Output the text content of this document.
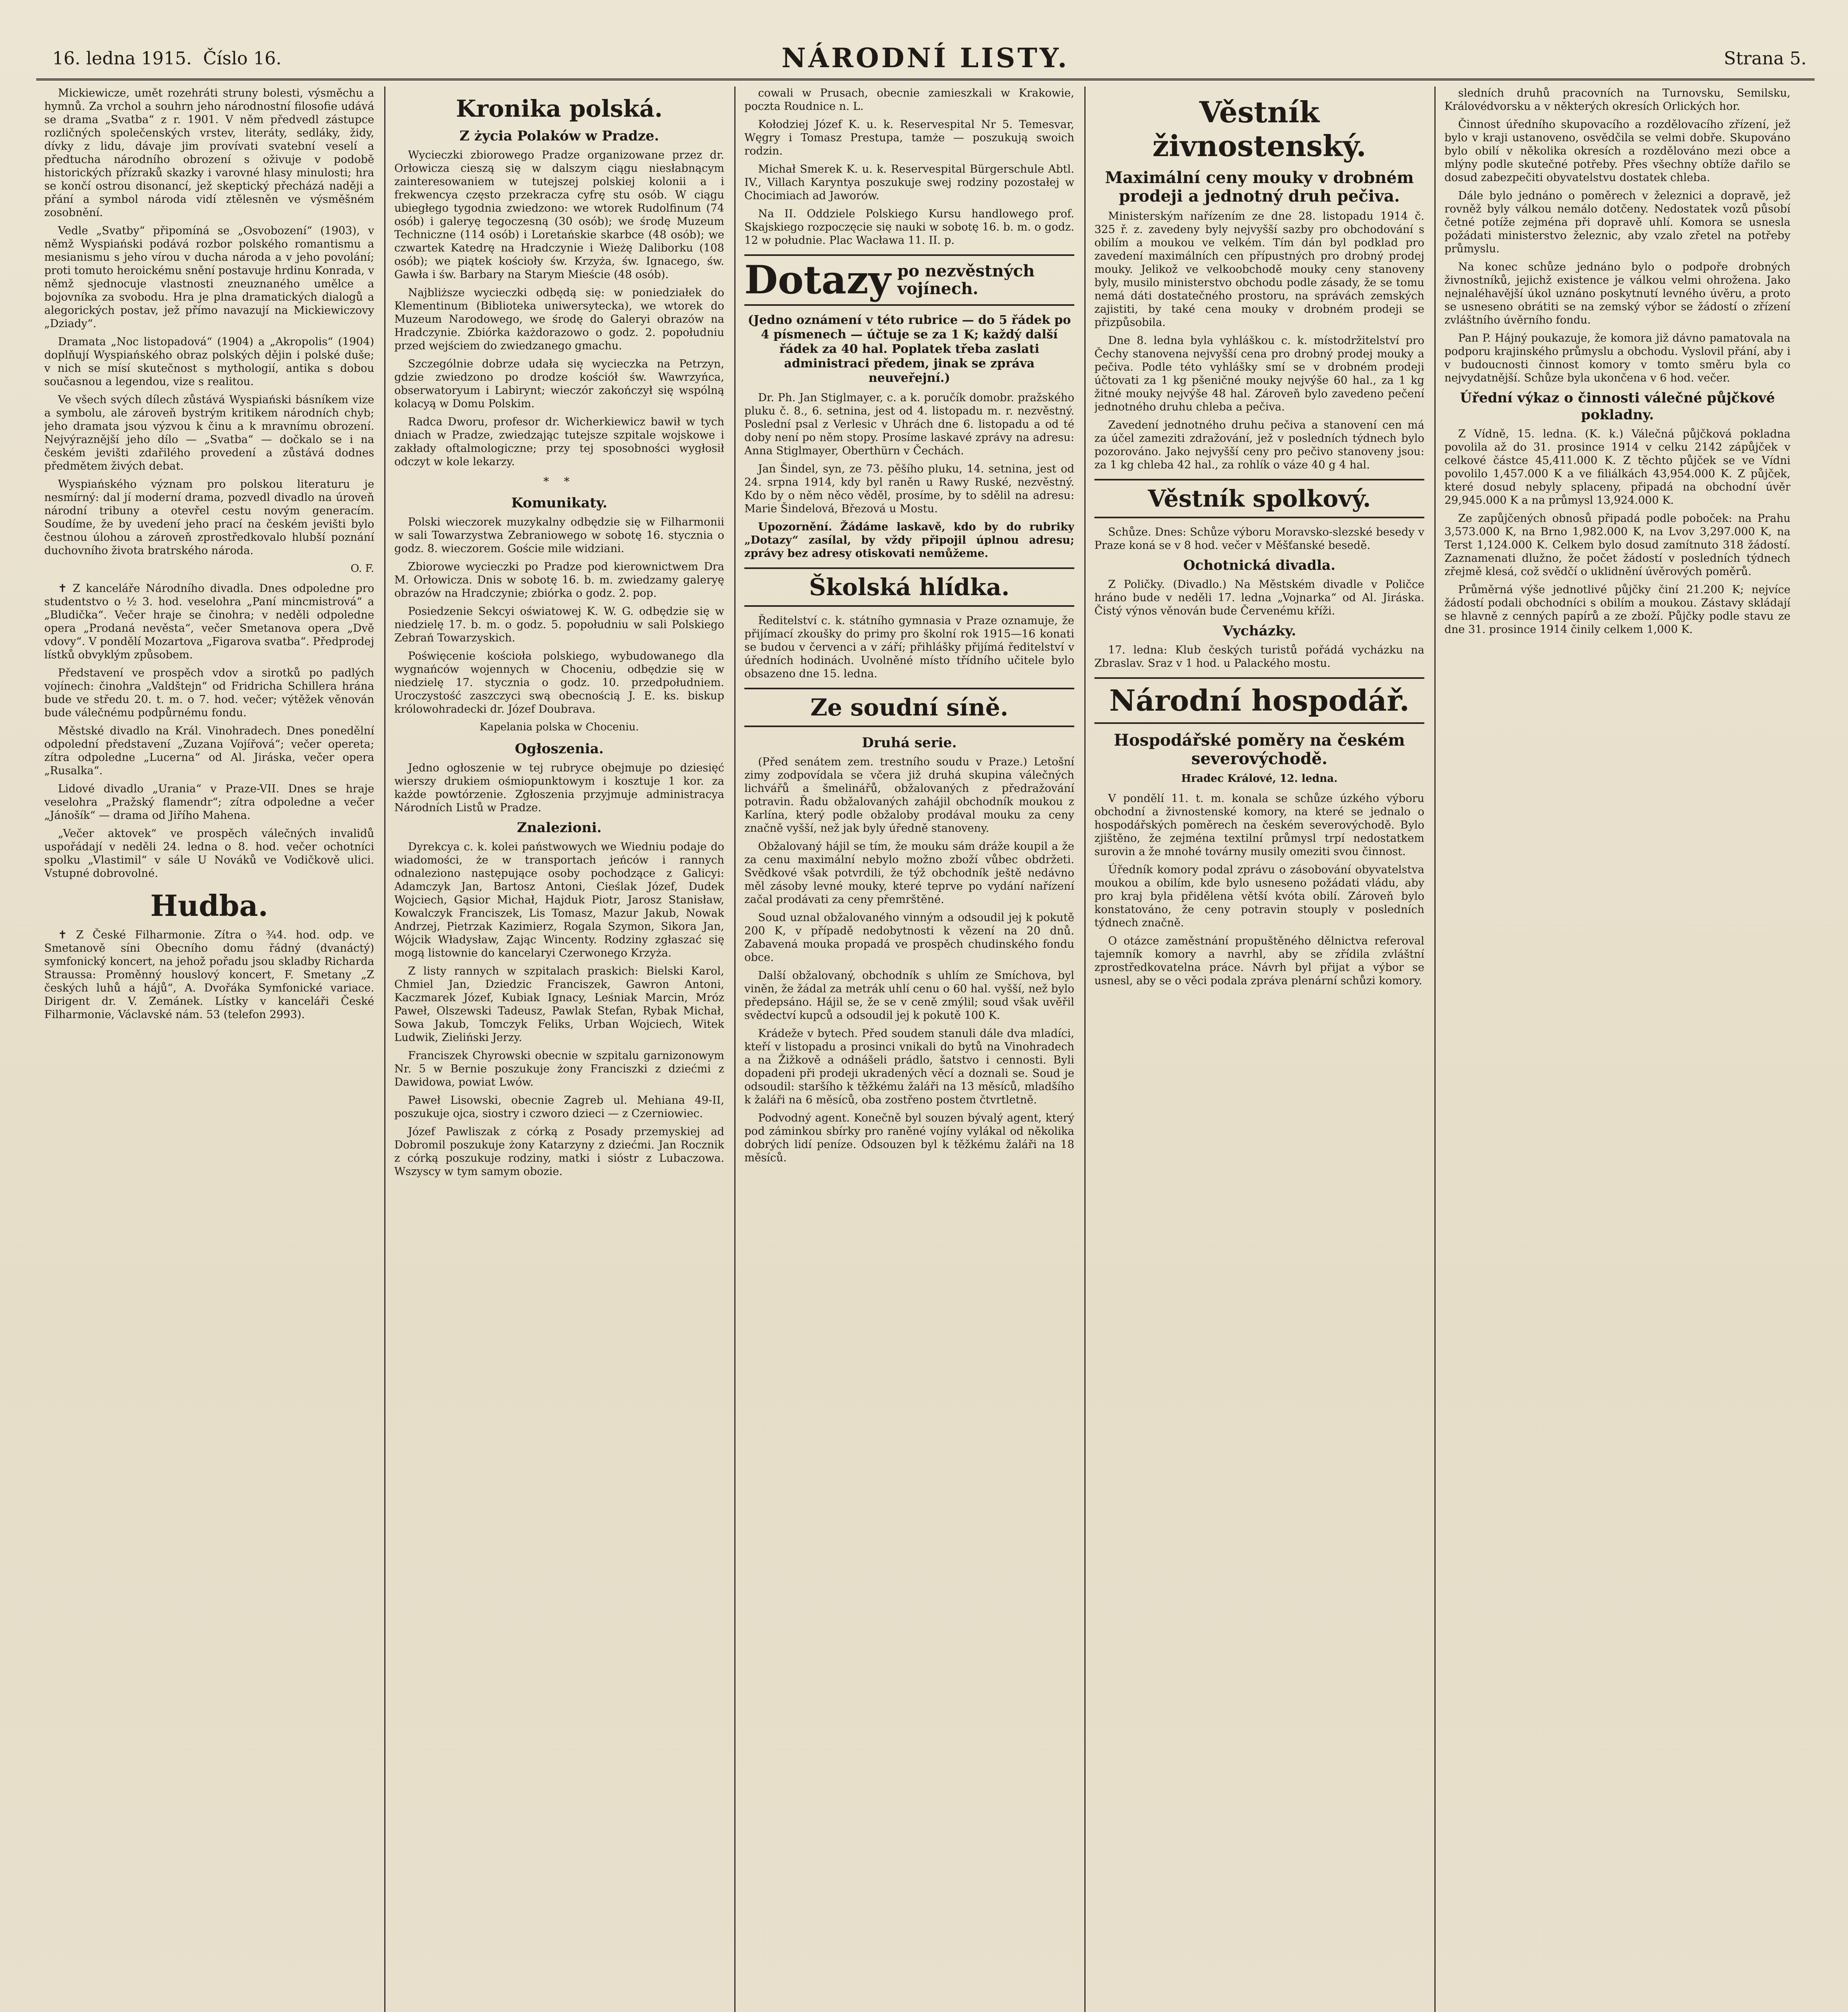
16. ledna 1915. Číslo 16.	NÁRODNÍ LISTY.	Strana 5.

Mickiewicze, umět rozehráti struny bolesti, výsměchu a hymnů. Za vrchol a souhrn jeho národnostní filosofie udává se drama „Svatba“ z r. 1901. V něm předvedl zástupce rozličných společenských vrstev, literáty, sedláky, židy, dívky z lidu, dávaje jim provívati svatební veselí a předtucha národního obrození s oživuje v podobě historických přízraků skazky i varovné hlasy minulosti; hra se končí ostrou disonancí, jež skeptický přecházá naději a přání a symbol národa vidí ztělesněn ve výsměšném zosobnění.

Vedle „Svatby“ připomíná se „Osvobození“ (1903), v němž Wyspiański podává rozbor polského romantismu a mesianismu s jeho vírou v ducha národa a v jeho povolání; proti tomuto heroickému snění postavuje hrdinu Konrada, v němž sjednocuje vlastnosti zneuznaného umělce a bojovníka za svobodu. Hra je plna dramatických dialogů a alegorických postav, jež přímo navazují na Mickiewiczovy „Dziady“.

Dramata „Noc listopadová“ (1904) a „Akropolis“ (1904) doplňují Wyspiańského obraz polských dějin i polské duše; v nich se mísí skutečnost s mythologií, antika s dobou současnou a legendou, vize s realitou.

Ve všech svých dílech zůstává Wyspiański básníkem vize a symbolu, ale zároveň bystrým kritikem národních chyb; jeho dramata jsou výzvou k činu a k mravnímu obrození. Nejvýraznější jeho dílo — „Svatba“ — dočkalo se i na českém jevišti zdařilého provedení a zůstává dodnes předmětem živých debat.

Wyspiańského význam pro polskou literaturu je nesmírný: dal jí moderní drama, pozvedl divadlo na úroveň národní tribuny a otevřel cestu novým generacím. Soudíme, že by uvedení jeho prací na českém jevišti bylo čestnou úlohou a zároveň zprostředkovalo hlubší poznání duchovního života bratrského národa.

O. F.

✝ Z kanceláře Národního divadla. Dnes odpoledne pro studentstvo o ½ 3. hod. veselohra „Paní mincmistrová“ a „Bludička“. Večer hraje se činohra; v neděli odpoledne opera „Prodaná nevěsta“, večer Smetanova opera „Dvě vdovy“. V pondělí Mozartova „Figarova svatba“. Předprodej lístků obvyklým způsobem.

Představení ve prospěch vdov a sirotků po padlých vojínech: činohra „Valdštejn“ od Fridricha Schillera hrána bude ve středu 20. t. m. o 7. hod. večer; výtěžek věnován bude válečnému podpůrnému fondu.

Městské divadlo na Král. Vinohradech. Dnes ponedělní odpolední představení „Zuzana Vojířová“; večer opereta; zítra odpoledne „Lucerna“ od Al. Jiráska, večer opera „Rusalka“.

Lidové divadlo „Urania“ v Praze-VII. Dnes se hraje veselohra „Pražský flamendr“; zítra odpoledne a večer „Jánošík“ — drama od Jiřího Mahena.

„Večer aktovek“ ve prospěch válečných invalidů uspořádají v neděli 24. ledna o 8. hod. večer ochotníci spolku „Vlastimil“ v sále U Nováků ve Vodičkově ulici. Vstupné dobrovolné.

Hudba.

✝ Z České Filharmonie. Zítra o ¾4. hod. odp. ve Smetanově síni Obecního domu řádný (dvanáctý) symfonický koncert, na jehož pořadu jsou skladby Richarda Straussa: Proměnný houslový koncert, F. Smetany „Z českých luhů a hájů“, A. Dvořáka Symfonické variace. Dirigent dr. V. Zemánek. Lístky v kanceláři České Filharmonie, Václavské nám. 53 (telefon 2993).

Kronika polská.
Z życia Polaków w Pradze.

Wycieczki zbiorowego Pradze organizowane przez dr. Orłowicza cieszą się w dalszym ciągu niesłabnącym zainteresowaniem w tutejszej polskiej kolonii a i frekwencya często przekracza cyfrę stu osób. W ciągu ubiegłego tygodnia zwiedzono: we wtorek Rudolfinum (74 osób) i galeryę tegoczesną (30 osób); we środę Muzeum Techniczne (114 osób) i Loretańskie skarbce (48 osób); we czwartek Katedrę na Hradczynie i Wieżę Daliborku (108 osób); we piątek kościoły św. Krzyża, św. Ignacego, św. Gawła i św. Barbary na Starym Mieście (48 osób).

Najbliższe wycieczki odbędą się: w poniedziałek do Klementinum (Biblioteka uniwersytecka), we wtorek do Muzeum Narodowego, we środę do Galeryi obrazów na Hradczynie. Zbiórka każdorazowo o godz. 2. popołudniu przed wejściem do zwiedzanego gmachu.

Szczególnie dobrze udała się wycieczka na Petrzyn, gdzie zwiedzono po drodze kościół św. Wawrzyńca, obserwatoryum i Labirynt; wieczór zakończył się wspólną kolacyą w Domu Polskim.

Radca Dworu, profesor dr. Wicherkiewicz bawił w tych dniach w Pradze, zwiedzając tutejsze szpitale wojskowe i zakłady oftalmologiczne; przy tej sposobności wygłosił odczyt w kole lekarzy.

* *
Komunikaty.

Polski wieczorek muzykalny odbędzie się w Filharmonii w sali Towarzystwa Zebraniowego w sobotę 16. stycznia o godz. 8. wieczorem. Goście mile widziani.

Zbiorowe wycieczki po Pradze pod kierownictwem Dra M. Orłowicza. Dnis w sobotę 16. b. m. zwiedzamy galeryę obrazów na Hradczynie; zbiórka o godz. 2. pop.

Posiedzenie Sekcyi oświatowej K. W. G. odbędzie się w niedzielę 17. b. m. o godz. 5. popołudniu w sali Polskiego Zebrań Towarzyskich.

Poświęcenie kościoła polskiego, wybudowanego dla wygnańców wojennych w Choceniu, odbędzie się w niedzielę 17. stycznia o godz. 10. przedpołudniem. Uroczystość zaszczyci swą obecnością J. E. ks. biskup królowohradecki dr. Józef Doubrava.

Kapelania polska w Choceniu.
Ogłoszenia.

Jedno ogłoszenie w tej rubryce obejmuje po dziesięć wierszy drukiem ośmiopunktowym i kosztuje 1 kor. za każde powtórzenie. Zgłoszenia przyjmuje administracya Národních Listů w Pradze.

Znalezioni.

Dyrekcya c. k. kolei państwowych we Wiedniu podaje do wiadomości, że w transportach jeńców i rannych odnaleziono następujące osoby pochodzące z Galicyi: Adamczyk Jan, Bartosz Antoni, Cieślak Józef, Dudek Wojciech, Gąsior Michał, Hajduk Piotr, Jarosz Stanisław, Kowalczyk Franciszek, Lis Tomasz, Mazur Jakub, Nowak Andrzej, Pietrzak Kazimierz, Rogala Szymon, Sikora Jan, Wójcik Władysław, Zając Wincenty. Rodziny zgłaszać się mogą listownie do kancelaryi Czerwonego Krzyża.

Z listy rannych w szpitalach praskich: Bielski Karol, Chmiel Jan, Dziedzic Franciszek, Gawron Antoni, Kaczmarek Józef, Kubiak Ignacy, Leśniak Marcin, Mróz Paweł, Olszewski Tadeusz, Pawlak Stefan, Rybak Michał, Sowa Jakub, Tomczyk Feliks, Urban Wojciech, Witek Ludwik, Zieliński Jerzy.

Franciszek Chyrowski obecnie w szpitalu garnizonowym Nr. 5 w Bernie poszukuje żony Franciszki z dziećmi z Dawidowa, powiat Lwów.

Paweł Lisowski, obecnie Zagreb ul. Mehiana 49-II, poszukuje ojca, siostry i czworo dzieci — z Czerniowiec.

Józef Pawliszak z córką z Posady przemyskiej ad Dobromil poszukuje żony Katarzyny z dziećmi. Jan Rocznik z córką poszukuje rodziny, matki i sióstr z Lubaczowa. Wszyscy w tym samym obozie.

cowali w Prusach, obecnie zamieszkali w Krakowie, poczta Roudnice n. L.

Kołodziej Józef K. u. k. Reservespital Nr 5. Temesvar, Węgry i Tomasz Prestupa, tamże — poszukują swoich rodzin.

Michał Smerek K. u. k. Reservespital Bürgerschule Abtl. IV., Villach Karyntya poszukuje swej rodziny pozostałej w Chocimiach ad Jaworów.

Na II. Oddziele Polskiego Kursu handlowego prof. Skajskiego rozpoczęcie się nauki w sobotę 16. b. m. o godz. 12 w południe. Plac Wacława 11. II. p.

Dotazy po nezvěstných vojínech.
(Jedno oznámení v této rubrice — do 5 řádek po 4 písmenech — účtuje se za 1 K; každý další řádek za 40 hal. Poplatek třeba zaslati administraci předem, jinak se zpráva neuveřejní.)

Dr. Ph. Jan Stiglmayer, c. a k. poručík domobr. pražského pluku č. 8., 6. setnina, jest od 4. listopadu m. r. nezvěstný. Poslední psal z Verlesic v Uhrách dne 6. listopadu a od té doby není po něm stopy. Prosíme laskavé zprávy na adresu: Anna Stiglmayer, Oberthürn v Čechách.

Jan Šindel, syn, ze 73. pěšího pluku, 14. setnina, jest od 24. srpna 1914, kdy byl raněn u Rawy Ruské, nezvěstný. Kdo by o něm něco věděl, prosíme, by to sdělil na adresu: Marie Šindelová, Březová u Mostu.

Upozornění. Žádáme laskavě, kdo by do rubriky „Dotazy“ zasílal, by vždy připojil úplnou adresu; zprávy bez adresy otiskovati nemůžeme.

Školská hlídka.

Ředitelství c. k. státního gymnasia v Praze oznamuje, že přijímací zkoušky do primy pro školní rok 1915—16 konati se budou v červenci a v září; přihlášky přijímá ředitelství v úředních hodinách. Uvolněné místo třídního učitele bylo obsazeno dne 15. ledna.

Ze soudní síně.
Druhá serie.

(Před senátem zem. trestního soudu v Praze.) Letošní zimy zodpovídala se včera již druhá skupina válečných lichvářů a šmelinářů, obžalovaných z předražování potravin. Řadu obžalovaných zahájil obchodník moukou z Karlína, který podle obžaloby prodával mouku za ceny značně vyšší, než jak byly úředně stanoveny.

Obžalovaný hájil se tím, že mouku sám dráže koupil a že za cenu maximální nebylo možno zboží vůbec obdržeti. Svědkové však potvrdili, že týž obchodník ještě nedávno měl zásoby levné mouky, které teprve po vydání nařízení začal prodávati za ceny přemrštěné.

Soud uznal obžalovaného vinným a odsoudil jej k pokutě 200 K, v případě nedobytnosti k vězení na 20 dnů. Zabavená mouka propadá ve prospěch chudinského fondu obce.

Další obžalovaný, obchodník s uhlím ze Smíchova, byl viněn, že žádal za metrák uhlí cenu o 60 hal. vyšší, než bylo předepsáno. Hájil se, že se v ceně zmýlil; soud však uvěřil svědectví kupců a odsoudil jej k pokutě 100 K.

Krádeže v bytech. Před soudem stanuli dále dva mladíci, kteří v listopadu a prosinci vnikali do bytů na Vinohradech a na Žižkově a odnášeli prádlo, šatstvo i cennosti. Byli dopadeni při prodeji ukradených věcí a doznali se. Soud je odsoudil: staršího k těžkému žaláři na 13 měsíců, mladšího k žaláři na 6 měsíců, oba zostřeno postem čtvrtletně.

Podvodný agent. Konečně byl souzen bývalý agent, který pod záminkou sbírky pro raněné vojíny vylákal od několika dobrých lidí peníze. Odsouzen byl k těžkému žaláři na 18 měsíců.

Věstník živnostenský.
Maximální ceny mouky v drobném prodeji a jednotný druh pečiva.

Ministerským nařízením ze dne 28. listopadu 1914 č. 325 ř. z. zavedeny byly nejvyšší sazby pro obchodování s obilím a moukou ve velkém. Tím dán byl podklad pro zavedení maximálních cen přípustných pro drobný prodej mouky. Jelikož ve velkoobchodě mouky ceny stanoveny byly, musilo ministerstvo obchodu podle zásady, že se tomu nemá dáti dostatečného prostoru, na správách zemských zajistiti, by také cena mouky v drobném prodeji se přizpůsobila.

Dne 8. ledna byla vyhláškou c. k. místodržitelství pro Čechy stanovena nejvyšší cena pro drobný prodej mouky a pečiva. Podle této vyhlášky smí se v drobném prodeji účtovati za 1 kg pšeničné mouky nejvýše 60 hal., za 1 kg žitné mouky nejvýše 48 hal. Zároveň bylo zavedeno pečení jednotného druhu chleba a pečiva.

Zavedení jednotného druhu pečiva a stanovení cen má za účel zameziti zdražování, jež v posledních týdnech bylo pozorováno. Jako nejvyšší ceny pro pečivo stanoveny jsou: za 1 kg chleba 42 hal., za rohlík o váze 40 g 4 hal.

Věstník spolkový.

Schůze. Dnes: Schůze výboru Moravsko-slezské besedy v Praze koná se v 8 hod. večer v Měšťanské besedě.

Ochotnická divadla.

Z Poličky. (Divadlo.) Na Městském divadle v Poličce hráno bude v neděli 17. ledna „Vojnarka“ od Al. Jiráska. Čistý výnos věnován bude Červenému kříži.

Vycházky.

17. ledna: Klub českých turistů pořádá vycházku na Zbraslav. Sraz v 1 hod. u Palackého mostu.

Národní hospodář.
Hospodářské poměry na českém severovýchodě.
Hradec Králové, 12. ledna.

V pondělí 11. t. m. konala se schůze úzkého výboru obchodní a živnostenské komory, na které se jednalo o hospodářských poměrech na českém severovýchodě. Bylo zjištěno, že zejména textilní průmysl trpí nedostatkem surovin a že mnohé továrny musily omeziti svou činnost.

Úředník komory podal zprávu o zásobování obyvatelstva moukou a obilím, kde bylo usneseno požádati vládu, aby pro kraj byla přidělena větší kvóta obilí. Zároveň bylo konstatováno, že ceny potravin stouply v posledních týdnech značně.

O otázce zaměstnání propuštěného dělnictva referoval tajemník komory a navrhl, aby se zřídila zvláštní zprostředkovatelna práce. Návrh byl přijat a výbor se usnesl, aby se o věci podala zpráva plenární schůzi komory.

sledních druhů pracovních na Turnovsku, Semilsku, Královédvorsku a v některých okresích Orlických hor.

Činnost úředního skupovacího a rozdělovacího zřízení, jež bylo v kraji ustanoveno, osvědčila se velmi dobře. Skupováno bylo obilí v několika okresích a rozdělováno mezi obce a mlýny podle skutečné potřeby. Přes všechny obtíže dařilo se dosud zabezpečiti obyvatelstvu dostatek chleba.

Dále bylo jednáno o poměrech v železnici a dopravě, jež rovněž byly válkou nemálo dotčeny. Nedostatek vozů působí četné potíže zejména při dopravě uhlí. Komora se usnesla požádati ministerstvo železnic, aby vzalo zřetel na potřeby průmyslu.

Na konec schůze jednáno bylo o podpoře drobných živnostníků, jejichž existence je válkou velmi ohrožena. Jako nejnaléhavější úkol uznáno poskytnutí levného úvěru, a proto se usneseno obrátiti se na zemský výbor se žádostí o zřízení zvláštního úvěrního fondu.

Pan P. Hájný poukazuje, že komora již dávno pamatovala na podporu krajinského průmyslu a obchodu. Vyslovil přání, aby i v budoucnosti činnost komory v tomto směru byla co nejvydatnější. Schůze byla ukončena v 6 hod. večer.

Úřední výkaz o činnosti válečné půjčkové pokladny.

Z Vídně, 15. ledna. (K. k.) Válečná půjčková pokladna povolila až do 31. prosince 1914 v celku 2142 zápůjček v celkové částce 45,411.000 K. Z těchto půjček se ve Vídni povolilo 1,457.000 K a ve filiálkách 43,954.000 K. Z půjček, které dosud nebyly splaceny, připadá na obchodní úvěr 29,945.000 K a na průmysl 13,924.000 K.

Ze zapůjčených obnosů připadá podle poboček: na Prahu 3,573.000 K, na Brno 1,982.000 K, na Lvov 3,297.000 K, na Terst 1,124.000 K. Celkem bylo dosud zamítnuto 318 žádostí. Zaznamenati dlužno, že počet žádostí v posledních týdnech zřejmě klesá, což svědčí o uklidnění úvěrových poměrů.

Průměrná výše jednotlivé půjčky činí 21.200 K; nejvíce žádostí podali obchodníci s obilím a moukou. Zástavy skládají se hlavně z cenných papírů a ze zboží. Půjčky podle stavu ze dne 31. prosince 1914 činily celkem 1,000 K.
